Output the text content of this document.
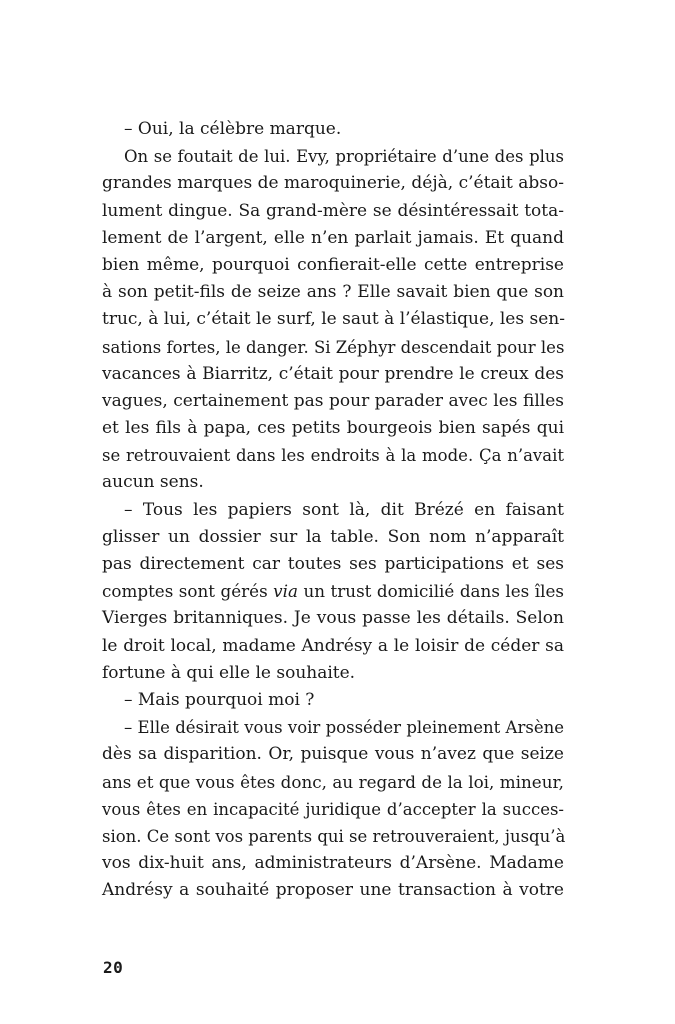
– Oui, la célèbre marque.
On se foutait de lui. Evy, propriétaire d’une des plus
grandes marques de maroquinerie, déjà, c’était abso-
lument dingue. Sa grand-mère se désintéressait tota-
lement de l’argent, elle n’en parlait jamais. Et quand
bien même, pourquoi confierait-elle cette entreprise
à son petit-fils de seize ans ? Elle savait bien que son
truc, à lui, c’était le surf, le saut à l’élastique, les sen-
sations fortes, le danger. Si Zéphyr descendait pour les
vacances à Biarritz, c’était pour prendre le creux des
vagues, certainement pas pour parader avec les filles
et les fils à papa, ces petits bourgeois bien sapés qui
se retrouvaient dans les endroits à la mode. Ça n’avait
aucun sens.
– Tous les papiers sont là, dit Brézé en faisant
glisser un dossier sur la table. Son nom n’apparaît
pas directement car toutes ses participations et ses
comptes sont gérés via un trust domicilié dans les îles
Vierges britanniques. Je vous passe les détails. Selon
le droit local, madame Andrésy a le loisir de céder sa
fortune à qui elle le souhaite.
– Mais pourquoi moi ?
– Elle désirait vous voir posséder pleinement Arsène
dès sa disparition. Or, puisque vous n’avez que seize
ans et que vous êtes donc, au regard de la loi, mineur,
vous êtes en incapacité juridique d’accepter la succes-
sion. Ce sont vos parents qui se retrouveraient, jusqu’à
vos dix-huit ans, administrateurs d’Arsène. Madame
Andrésy a souhaité proposer une transaction à votre
20
